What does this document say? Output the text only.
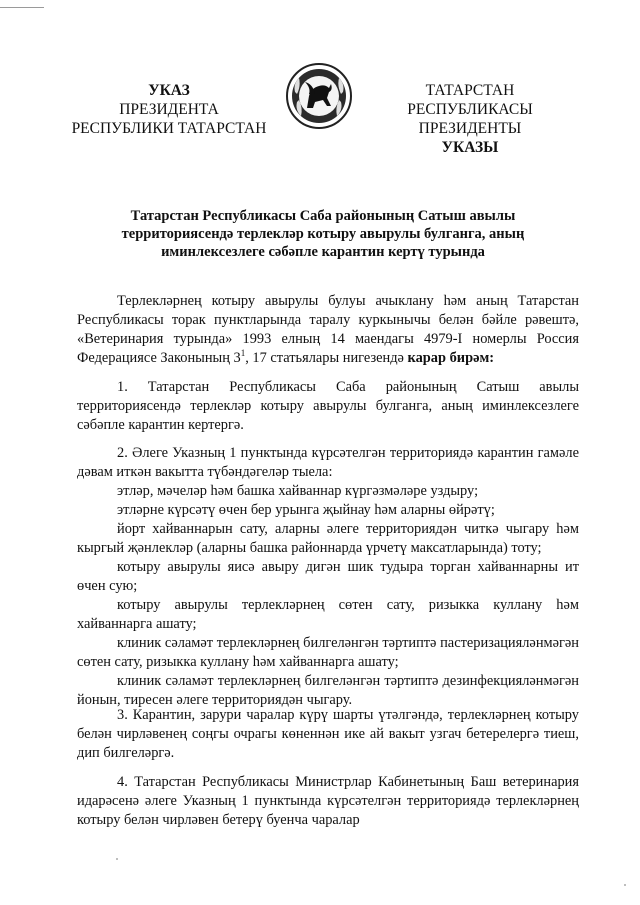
УКАЗ
ПРЕЗИДЕНТА
РЕСПУБЛИКИ ТАТАРСТАН
ТАТАРСТАН РЕСПУБЛИКАСЫ
ПРЕЗИДЕНТЫ
УКАЗЫ
Татарстан Республикасы Саба районының Сатыш авылы
территориясендә терлекләр котыру авырулы булганга, аның
иминлексезлеге сәбәпле карантин кертү турында

Терлекләрнең котыру авырулы булуы ачыклану һәм аның Татарстан Республикасы торак пунктларында таралу куркынычы белән бәйле рәвештә, «Ветеринария турында» 1993 елның 14 маендагы 4979-I номерлы Россия Федерациясе Законының $3^1$, 17 статьялары нигезендә карар бирәм:

1. Татарстан Республикасы Саба районының Сатыш авылы территориясендә терлекләр котыру авырулы булганга, аның иминлексезлеге сәбәпле карантин кертергә.

2. Әлеге Указның 1 пунктында күрсәтелгән территориядә карантин гамәле дәвам иткән вакытта түбәндәгеләр тыела:

этләр, мәчеләр һәм башка хайваннар күргәзмәләре уздыру;

этләрне күрсәтү өчен бер урынга җыйнау һәм аларны өйрәтү;

йорт хайваннарын сату, аларны әлеге территориядән читкә чыгару һәм кыргый җәнлекләр (аларны башка районнарда үрчетү максатларында) тоту;

котыру авырулы яисә авыру дигән шик тудыра торган хайваннарны ит өчен сую;

котыру авырулы терлекләрнең сөтен сату, ризыкка куллану һәм хайваннарга ашату;

клиник сәламәт терлекләрнең билгеләнгән тәртиптә пастеризацияләнмәгән сөтен сату, ризыкка куллану һәм хайваннарга ашату;

клиник сәламәт терлекләрнең билгеләнгән тәртиптә дезинфекцияләнмәгән йонын, тиресен әлеге территориядән чыгару.

3. Карантин, зарури чаралар күрү шарты үтәлгәндә, терлекләрнең котыру белән чирләвенең соңгы очрагы көненнән ике ай вакыт узгач бетерелергә тиеш, дип билгеләргә.

4. Татарстан Республикасы Министрлар Кабинетының Баш ветеринария идарәсенә әлеге Указның 1 пунктында күрсәтелгән территориядә терлекләрнең котыру белән чирләвен бетерү буенча чаралар
